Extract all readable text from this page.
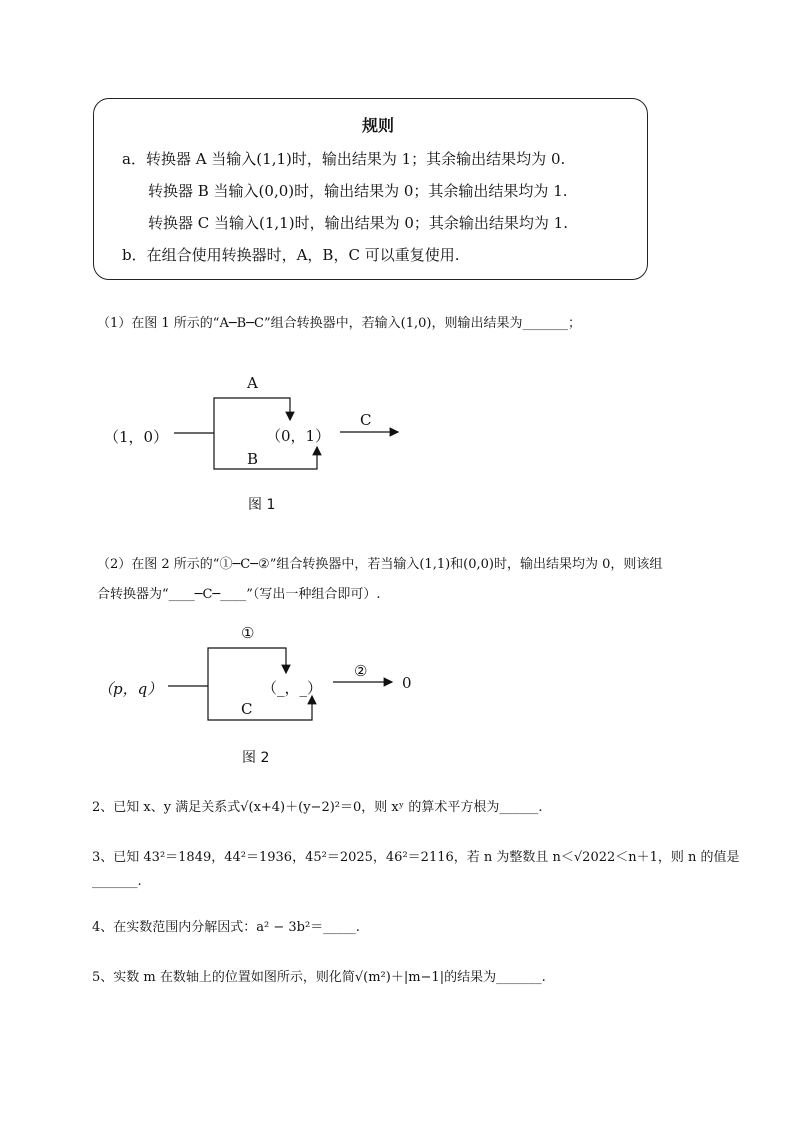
规则
a．转换器 A 当输入(1,1)时，输出结果为 1；其余输出结果均为 0.
转换器 B 当输入(0,0)时，输出结果为 0；其余输出结果均为 1.
转换器 C 当输入(1,1)时，输出结果为 0；其余输出结果均为 1.
b．在组合使用转换器时，A，B，C 可以重复使用.
（1）在图 1 所示的“A─B─C”组合转换器中，若输入(1,0)，则输出结果为_______；
（1，0）
A
B
（0，1）
C
图 1
（2）在图 2 所示的“①─C─②”组合转换器中，若当输入(1,1)和(0,0)时，输出结果均为 0，则该组
合转换器为“____─C─____”（写出一种组合即可）.
（p，q）
①
C
（_，_）
②
0
图 2
2、已知 x、y 满足关系式√(x+4)＋(y−2)²＝0，则 xʸ 的算术平方根为______.
3、已知 43²＝1849，44²＝1936，45²＝2025，46²＝2116，若 n 为整数且 n＜√2022＜n＋1，则 n 的值是
_______.
4、在实数范围内分解因式：a² − 3b²＝_____.
5、实数 m 在数轴上的位置如图所示，则化简√(m²)＋|m−1|的结果为_______.
